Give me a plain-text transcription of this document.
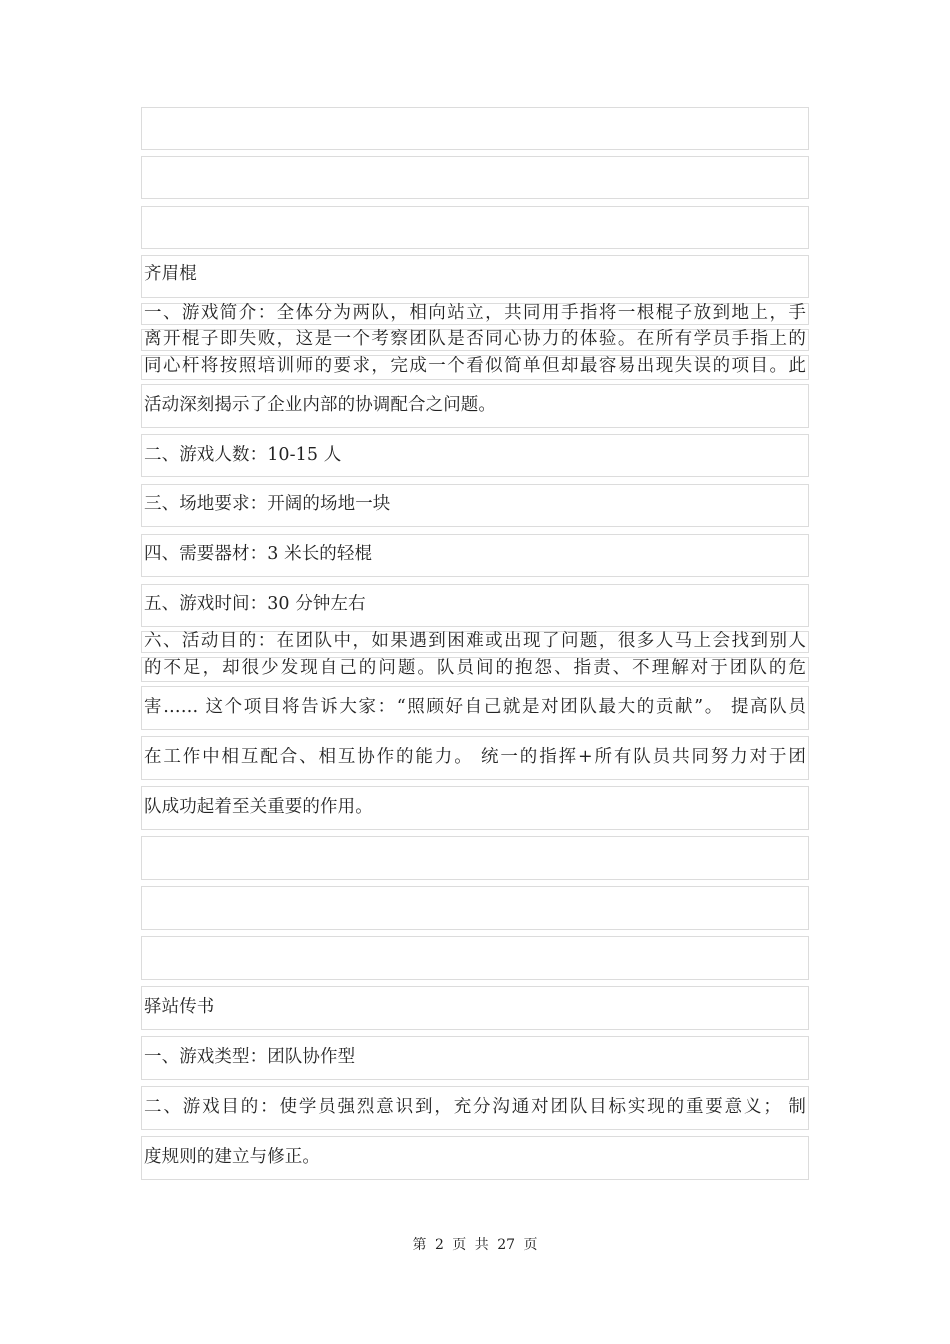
齐眉棍
一、游戏简介：全体分为两队，相向站立，共同用手指将一根棍子放到地上，手
离开棍子即失败，这是一个考察团队是否同心协力的体验。在所有学员手指上的
同心杆将按照培训师的要求，完成一个看似简单但却最容易出现失误的项目。此
活动深刻揭示了企业内部的协调配合之问题。
二、游戏人数：10-15 人
三、场地要求：开阔的场地一块
四、需要器材：3 米长的轻棍
五、游戏时间：30 分钟左右
六、活动目的：在团队中，如果遇到困难或出现了问题，很多人马上会找到别人
的不足，却很少发现自己的问题。队员间的抱怨、指责、不理解对于团队的危
害…… 这个项目将告诉大家：“照顾好自己就是对团队最大的贡献”。 提高队员
在工作中相互配合、相互协作的能力。 统一的指挥+所有队员共同努力对于团
队成功起着至关重要的作用。
驿站传书
一、游戏类型：团队协作型
二、游戏目的：使学员强烈意识到，充分沟通对团队目标实现的重要意义； 制
度规则的建立与修正。
第 2 页 共 27 页
